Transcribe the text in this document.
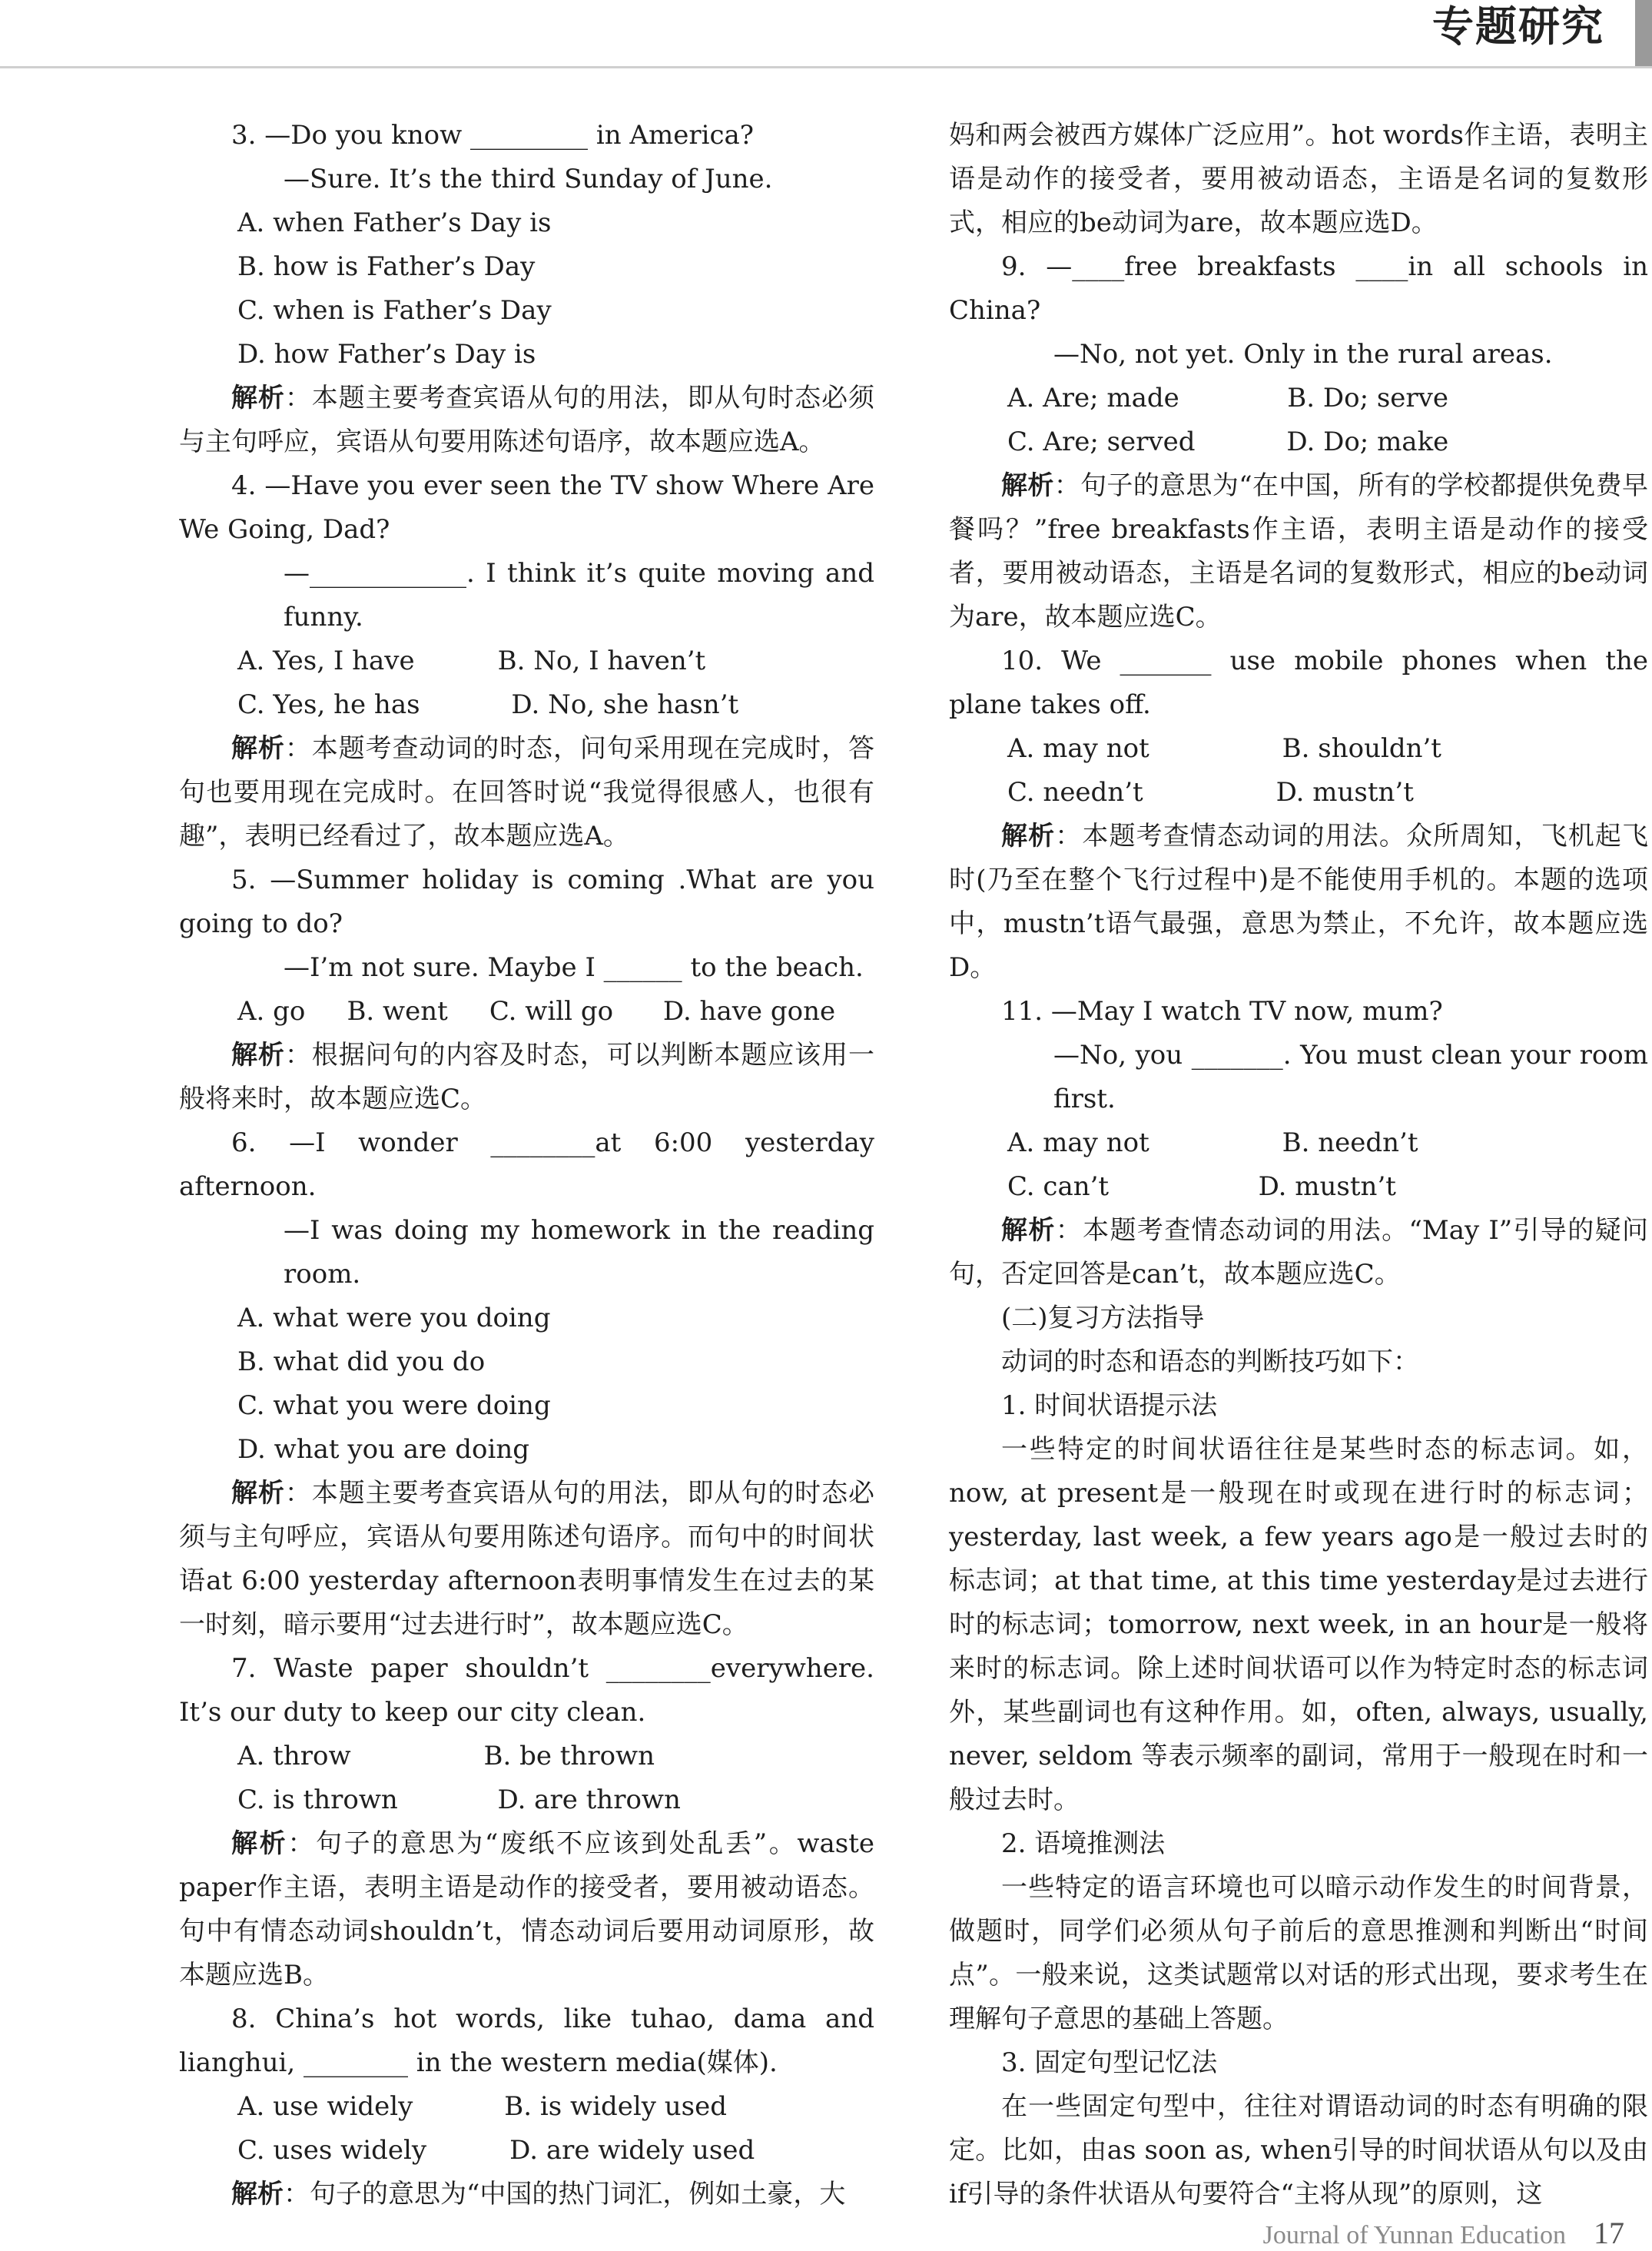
专题研究

3. —Do you know _________ in America?

—Sure. It’s the third Sunday of June.

A. when Father’s Day is

B. how is Father’s Day

C. when is Father’s Day

D. how Father’s Day is

解析：本题主要考查宾语从句的用法，即从句时态必须与主句呼应，宾语从句要用陈述句语序，故本题应选A。

4. —Have you ever seen the TV show Where Are We Going, Dad?

—____________. I think it’s quite moving and funny.

A. Yes, I have          B. No, I haven’t

C. Yes, he has           D. No, she hasn’t

解析：本题考查动词的时态，问句采用现在完成时，答句也要用现在完成时。在回答时说“我觉得很感人，也很有趣”，表明已经看过了，故本题应选A。

5. —Summer holiday is coming .What are you going to do?

—I’m not sure. Maybe I ______ to the beach.

A. go     B. went     C. will go      D. have gone

解析：根据问句的内容及时态，可以判断本题应该用一般将来时，故本题应选C。

6. —I wonder ________at 6:00 yesterday afternoon.

—I was doing my homework in the reading room.

A. what were you doing

B. what did you do

C. what you were doing

D. what you are doing

解析：本题主要考查宾语从句的用法，即从句的时态必须与主句呼应，宾语从句要用陈述句语序。而句中的时间状语at 6:00 yesterday afternoon表明事情发生在过去的某一时刻，暗示要用“过去进行时”，故本题应选C。

7. Waste paper shouldn’t ________everywhere. It’s our duty to keep our city clean.

A. throw                B. be thrown

C. is thrown            D. are thrown

解析：句子的意思为“废纸不应该到处乱丢”。waste paper作主语，表明主语是动作的接受者，要用被动语态。句中有情态动词shouldn’t，情态动词后要用动词原形，故本题应选B。

8. China’s hot words, like tuhao, dama and lianghui, ________ in the western media(媒体).

A. use widely           B. is widely used

C. uses widely          D. are widely used

解析：句子的意思为“中国的热门词汇，例如土豪，大

妈和两会被西方媒体广泛应用”。hot words作主语，表明主语是动作的接受者，要用被动语态，主语是名词的复数形式，相应的be动词为are，故本题应选D。

9. —____free breakfasts ____in all schools in China?

—No, not yet. Only in the rural areas.

A. Are; made             B. Do; serve

C. Are; served           D. Do; make

解析：句子的意思为“在中国，所有的学校都提供免费早餐吗？”free breakfasts作主语，表明主语是动作的接受者，要用被动语态，主语是名词的复数形式，相应的be动词为are，故本题应选C。

10. We _______ use mobile phones when the plane takes off.

A. may not                B. shouldn’t

C. needn’t                D. mustn’t

解析：本题考查情态动词的用法。众所周知，飞机起飞时(乃至在整个飞行过程中)是不能使用手机的。本题的选项中，mustn’t语气最强，意思为禁止，不允许，故本题应选D。

11. —May I watch TV now, mum?

—No, you _______. You must clean your room first.

A. may not                B. needn’t

C. can’t                  D. mustn’t

解析：本题考查情态动词的用法。“May I”引导的疑问句，否定回答是can’t，故本题应选C。

(二)复习方法指导

动词的时态和语态的判断技巧如下：

1. 时间状语提示法

一些特定的时间状语往往是某些时态的标志词。如，now, at present是一般现在时或现在进行时的标志词；yesterday, last week, a few years ago是一般过去时的标志词；at that time, at this time yesterday是过去进行时的标志词；tomorrow, next week, in an hour是一般将来时的标志词。除上述时间状语可以作为特定时态的标志词外，某些副词也有这种作用。如，often, always, usually, never, seldom 等表示频率的副词，常用于一般现在时和一般过去时。

2. 语境推测法

一些特定的语言环境也可以暗示动作发生的时间背景，做题时，同学们必须从句子前后的意思推测和判断出“时间点”。一般来说，这类试题常以对话的形式出现，要求考生在理解句子意思的基础上答题。

3. 固定句型记忆法

在一些固定句型中，往往对谓语动词的时态有明确的限定。比如，由as soon as, when引导的时间状语从句以及由if引导的条件状语从句要符合“主将从现”的原则，这

Journal of Yunnan Education 17
